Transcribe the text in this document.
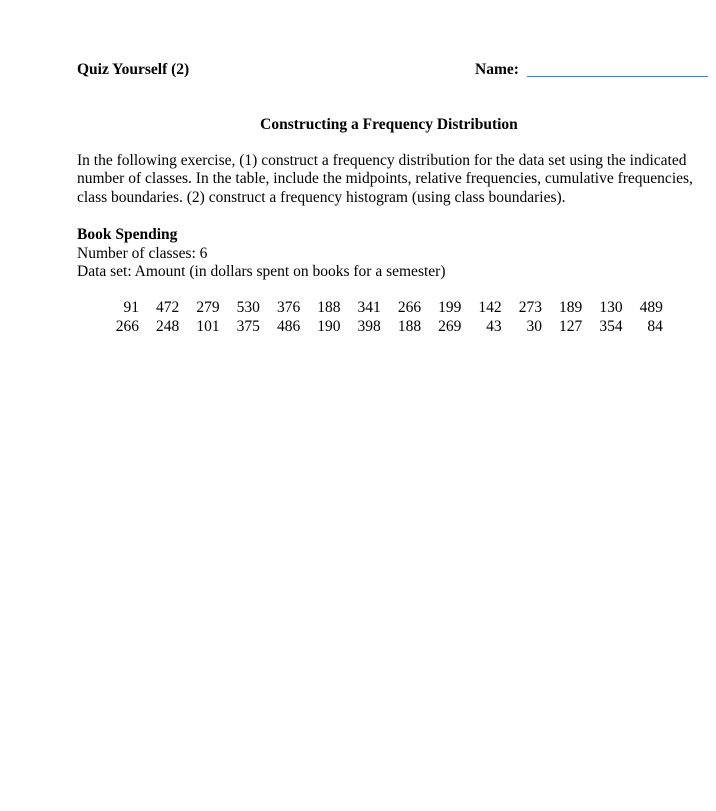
Quiz Yourself (2)	Name:
Constructing a Frequency Distribution
In the following exercise, (1) construct a frequency distribution for the data set using the indicated number of classes. In the table, include the midpoints, relative frequencies, cumulative frequencies, class boundaries. (2) construct a frequency histogram (using class boundaries).
Book Spending
Number of classes: 6
Data set: Amount (in dollars spent on books for a semester)
91	472	279	530	376	188	341	266	199	142	273	189	130	489
266	248	101	375	486	190	398	188	269	43	30	127	354	84
